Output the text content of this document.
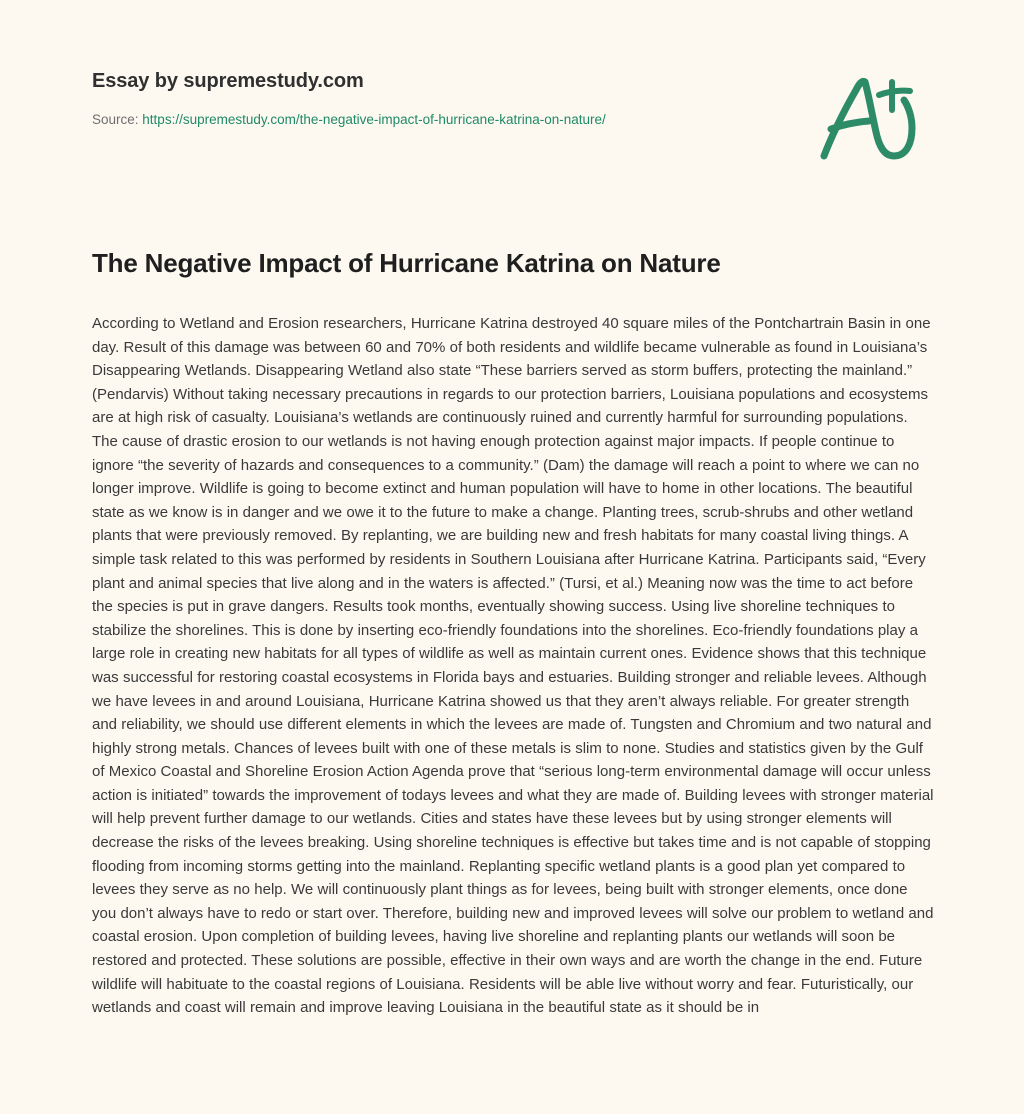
Essay by supremestudy.com
Source: https://supremestudy.com/the-negative-impact-of-hurricane-katrina-on-nature/
The Negative Impact of Hurricane Katrina on Nature

According to Wetland and Erosion researchers, Hurricane Katrina destroyed 40 square miles of the Pontchartrain Basin in one day. Result of this damage was between 60 and 70% of both residents and wildlife became vulnerable as found in Louisiana’s Disappearing Wetlands. Disappearing Wetland also state “These barriers served as storm buffers, protecting the mainland.” (Pendarvis) Without taking necessary precautions in regards to our protection barriers, Louisiana populations and ecosystems are at high risk of casualty. Louisiana’s wetlands are continuously ruined and currently harmful for surrounding populations. The cause of drastic erosion to our wetlands is not having enough protection against major impacts. If people continue to ignore “the severity of hazards and consequences to a community.” (Dam) the damage will reach a point to where we can no longer improve. Wildlife is going to become extinct and human population will have to home in other locations. The beautiful state as we know is in danger and we owe it to the future to make a change. Planting trees, scrub-shrubs and other wetland plants that were previously removed. By replanting, we are building new and fresh habitats for many coastal living things. A simple task related to this was performed by residents in Southern Louisiana after Hurricane Katrina. Participants said, “Every plant and animal species that live along and in the waters is affected.” (Tursi, et al.) Meaning now was the time to act before the species is put in grave dangers. Results took months, eventually showing success. Using live shoreline techniques to stabilize the shorelines. This is done by inserting eco-friendly foundations into the shorelines. Eco-friendly foundations play a large role in creating new habitats for all types of wildlife as well as maintain current ones. Evidence shows that this technique was successful for restoring coastal ecosystems in Florida bays and estuaries. Building stronger and reliable levees. Although we have levees in and around Louisiana, Hurricane Katrina showed us that they aren’t always reliable. For greater strength and reliability, we should use different elements in which the levees are made of. Tungsten and Chromium and two natural and highly strong metals. Chances of levees built with one of these metals is slim to none. Studies and statistics given by the Gulf of Mexico Coastal and Shoreline Erosion Action Agenda prove that “serious long-term environmental damage will occur unless action is initiated” towards the improvement of todays levees and what they are made of. Building levees with stronger material will help prevent further damage to our wetlands. Cities and states have these levees but by using stronger elements will decrease the risks of the levees breaking. Using shoreline techniques is effective but takes time and is not capable of stopping flooding from incoming storms getting into the mainland. Replanting specific wetland plants is a good plan yet compared to levees they serve as no help. We will continuously plant things as for levees, being built with stronger elements, once done you don’t always have to redo or start over. Therefore, building new and improved levees will solve our problem to wetland and coastal erosion. Upon completion of building levees, having live shoreline and replanting plants our wetlands will soon be restored and protected. These solutions are possible, effective in their own ways and are worth the change in the end. Future wildlife will habituate to the coastal regions of Louisiana. Residents will be able live without worry and fear. Futuristically, our wetlands and coast will remain and improve leaving Louisiana in the beautiful state as it should be in
